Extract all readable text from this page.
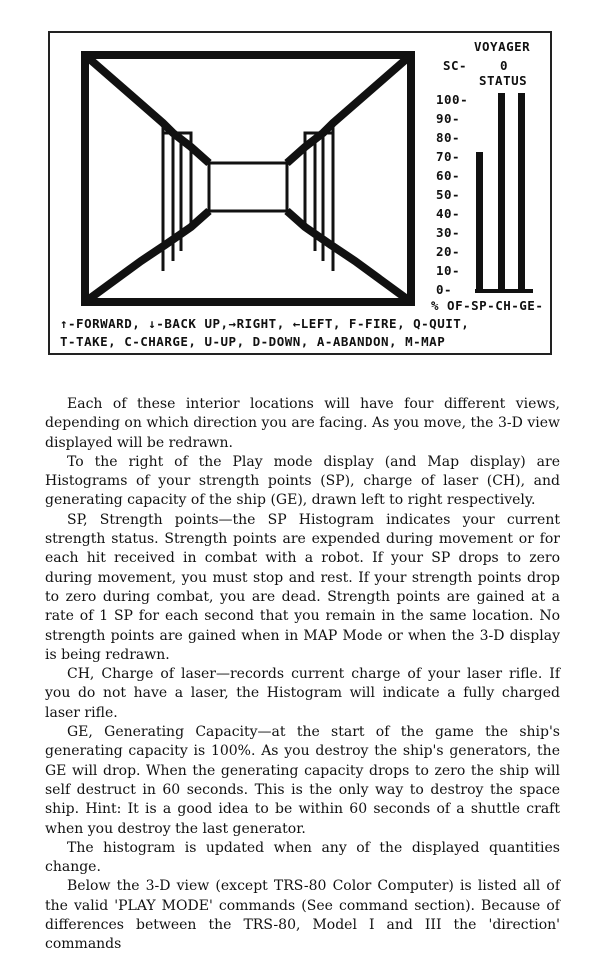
VOYAGER
SC-	0
STATUS
100-
90-
80-
70-
60-
50-
40-
30-
20-
10-
0-
% OF-SP-CH-GE-
↑-FORWARD, ↓-BACK UP,→RIGHT, ←LEFT, F-FIRE, Q-QUIT,
T-TAKE, C-CHARGE, U-UP, D-DOWN, A-ABANDON, M-MAP

Each of these interior locations will have four different views, depending on which direction you are facing. As you move, the 3-D view displayed will be redrawn.

To the right of the Play mode display (and Map display) are Histograms of your strength points (SP), charge of laser (CH), and generating capacity of the ship (GE), drawn left to right respectively.

SP, Strength points—the SP Histogram indicates your current strength status. Strength points are expended during movement or for each hit received in combat with a robot. If your SP drops to zero during movement, you must stop and rest. If your strength points drop to zero during combat, you are dead. Strength points are gained at a rate of 1 SP for each second that you remain in the same location. No strength points are gained when in MAP Mode or when the 3-D display is being redrawn.

CH, Charge of laser—records current charge of your laser rifle. If you do not have a laser, the Histogram will indicate a fully charged laser rifle.

GE, Generating Capacity—at the start of the game the ship's generating capacity is 100%. As you destroy the ship's generators, the GE will drop. When the generating capacity drops to zero the ship will self destruct in 60 seconds. This is the only way to destroy the space ship. Hint: It is a good idea to be within 60 seconds of a shuttle craft when you destroy the last generator.

The histogram is updated when any of the displayed quantities change.

Below the 3-D view (except TRS-80 Color Computer) is listed all of the valid 'PLAY MODE' commands (See command section). Because of differences between the TRS-80, Model I and III the 'direction' commands
